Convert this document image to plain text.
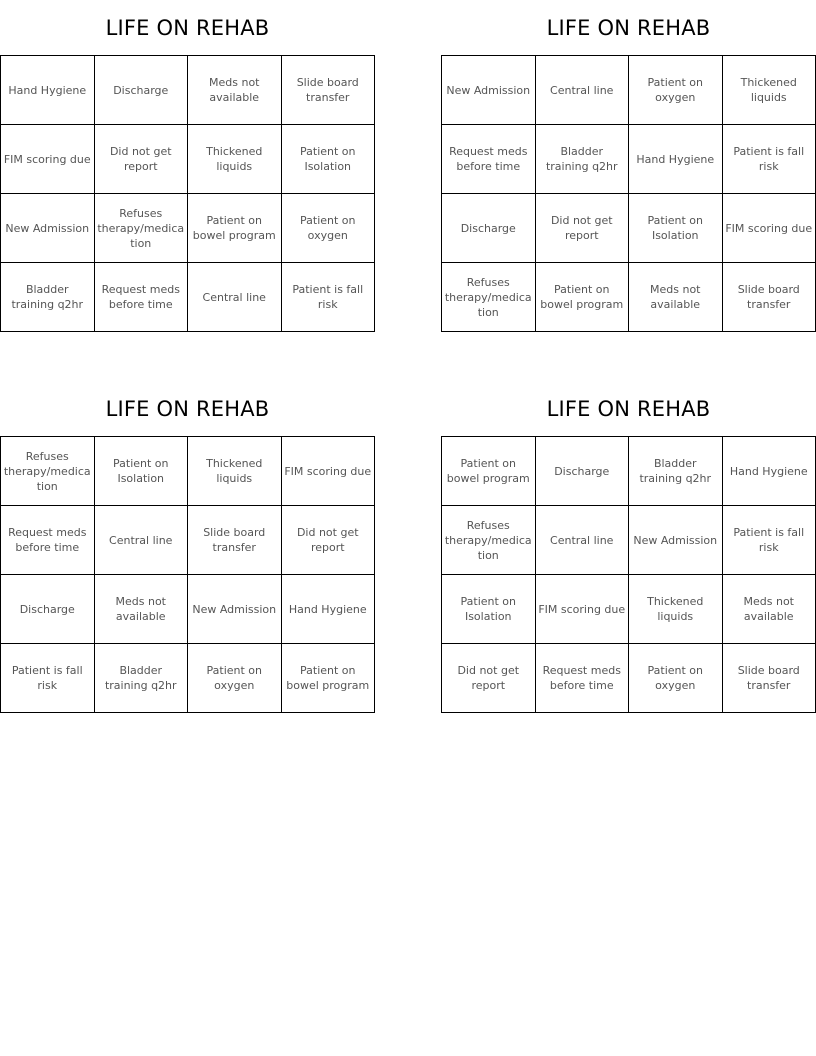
LIFE ON REHAB
Hand Hygiene	Discharge	Meds not available	Slide board transfer
FIM scoring due	Did not get report	Thickened liquids	Patient on Isolation
New Admission	Refuses therapy/medication	Patient on bowel program	Patient on oxygen
Bladder training q2hr	Request meds before time	Central line	Patient is fall risk
LIFE ON REHAB
New Admission	Central line	Patient on oxygen	Thickened liquids
Request meds before time	Bladder training q2hr	Hand Hygiene	Patient is fall risk
Discharge	Did not get report	Patient on Isolation	FIM scoring due
Refuses therapy/medication	Patient on bowel program	Meds not available	Slide board transfer
LIFE ON REHAB
Refuses therapy/medication	Patient on Isolation	Thickened liquids	FIM scoring due
Request meds before time	Central line	Slide board transfer	Did not get report
Discharge	Meds not available	New Admission	Hand Hygiene
Patient is fall risk	Bladder training q2hr	Patient on oxygen	Patient on bowel program
LIFE ON REHAB
Patient on bowel program	Discharge	Bladder training q2hr	Hand Hygiene
Refuses therapy/medication	Central line	New Admission	Patient is fall risk
Patient on Isolation	FIM scoring due	Thickened liquids	Meds not available
Did not get report	Request meds before time	Patient on oxygen	Slide board transfer
